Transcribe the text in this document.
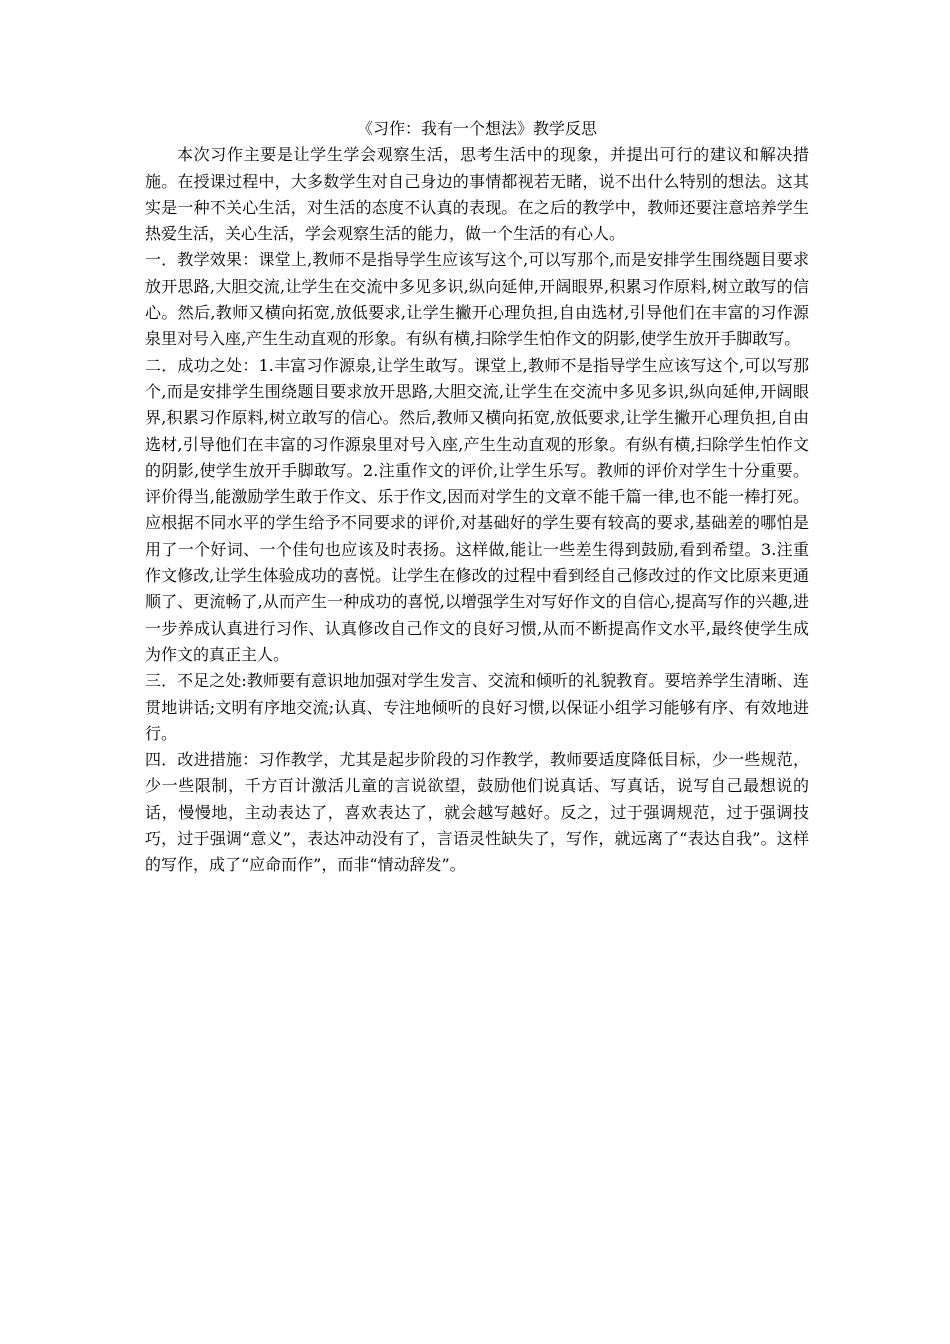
《习作：我有一个想法》教学反思

本次习作主要是让学生学会观察生活，思考生活中的现象，并提出可行的建议和解决措施。在授课过程中，大多数学生对自己身边的事情都视若无睹，说不出什么特别的想法。这其实是一种不关心生活，对生活的态度不认真的表现。在之后的教学中，教师还要注意培养学生热爱生活，关心生活，学会观察生活的能力，做一个生活的有心人。

一．教学效果：课堂上,教师不是指导学生应该写这个,可以写那个,而是安排学生围绕题目要求放开思路,大胆交流,让学生在交流中多见多识,纵向延伸,开阔眼界,积累习作原料,树立敢写的信心。然后,教师又横向拓宽,放低要求,让学生撇开心理负担,自由选材,引导他们在丰富的习作源泉里对号入座,产生生动直观的形象。有纵有横,扫除学生怕作文的阴影,使学生放开手脚敢写。

二．成功之处：1.丰富习作源泉,让学生敢写。课堂上,教师不是指导学生应该写这个,可以写那个,而是安排学生围绕题目要求放开思路,大胆交流,让学生在交流中多见多识,纵向延伸,开阔眼界,积累习作原料,树立敢写的信心。然后,教师又横向拓宽,放低要求,让学生撇开心理负担,自由选材,引导他们在丰富的习作源泉里对号入座,产生生动直观的形象。有纵有横,扫除学生怕作文的阴影,使学生放开手脚敢写。2.注重作文的评价,让学生乐写。教师的评价对学生十分重要。评价得当,能激励学生敢于作文、乐于作文,因而对学生的文章不能千篇一律,也不能一棒打死。应根据不同水平的学生给予不同要求的评价,对基础好的学生要有较高的要求,基础差的哪怕是用了一个好词、一个佳句也应该及时表扬。这样做,能让一些差生得到鼓励,看到希望。3.注重作文修改,让学生体验成功的喜悦。让学生在修改的过程中看到经自己修改过的作文比原来更通顺了、更流畅了,从而产生一种成功的喜悦,以增强学生对写好作文的自信心,提高写作的兴趣,进一步养成认真进行习作、认真修改自己作文的良好习惯,从而不断提高作文水平,最终使学生成为作文的真正主人。

三．不足之处:教师要有意识地加强对学生发言、交流和倾听的礼貌教育。要培养学生清晰、连贯地讲话;文明有序地交流;认真、专注地倾听的良好习惯,以保证小组学习能够有序、有效地进行。

四．改进措施：习作教学，尤其是起步阶段的习作教学，教师要适度降低目标，少一些规范，少一些限制，千方百计激活儿童的言说欲望，鼓励他们说真话、写真话，说写自己最想说的话，慢慢地，主动表达了，喜欢表达了，就会越写越好。反之，过于强调规范，过于强调技巧，过于强调“意义”，表达冲动没有了，言语灵性缺失了，写作，就远离了“表达自我”。这样的写作，成了“应命而作”，而非“情动辞发”。
